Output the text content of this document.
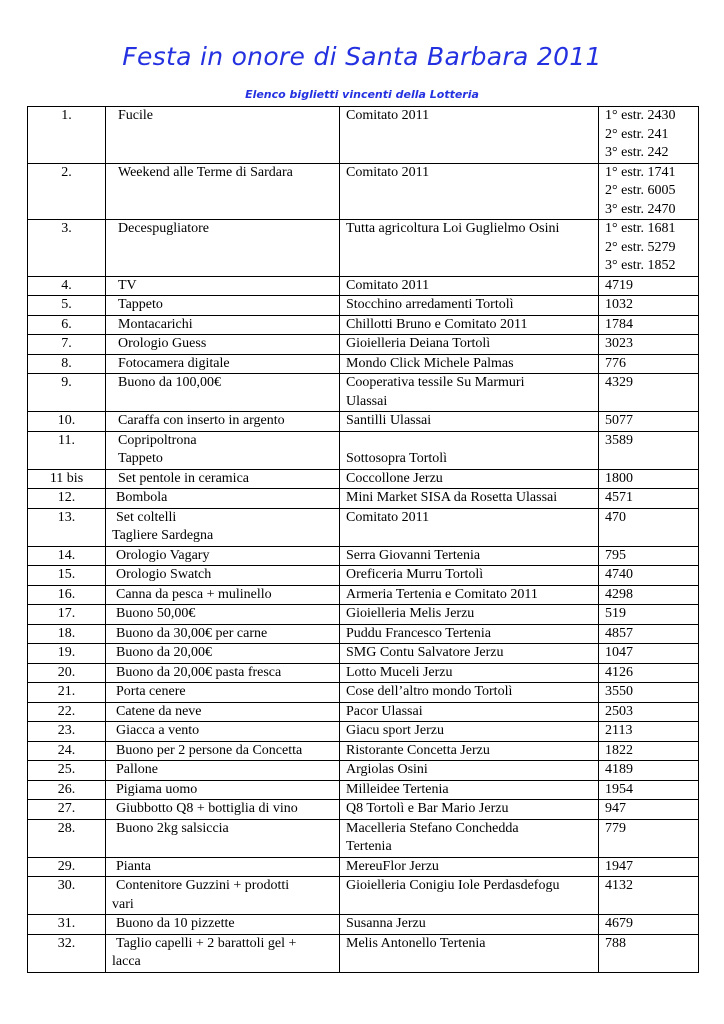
Festa in onore di Santa Barbara 2011
Elenco biglietti vincenti della Lotteria
1.	Fucile	Comitato 2011	1° estr. 2430
2° estr. 241
3° estr. 242

2.	Weekend alle Terme di Sardara	Comitato 2011	1° estr. 1741
2° estr. 6005
3° estr. 2470

3.	Decespugliatore	Tutta agricoltura Loi Guglielmo Osini	1° estr. 1681
2° estr. 5279
3° estr. 1852

4.	TV	Comitato 2011	4719

5.	Tappeto	Stocchino arredamenti Tortolì	1032

6.	Montacarichi	Chillotti Bruno e Comitato 2011	1784

7.	Orologio Guess	Gioielleria Deiana Tortolì	3023

8.	Fotocamera digitale	Mondo Click Michele Palmas	776

9.	Buono da 100,00€	Cooperativa tessile Su Marmuri
Ulassai	4329

10.	Caraffa con inserto in argento	Santilli Ulassai	5077

11.	Copripoltrona
Tappeto	Sottosopra Tortolì	3589

11 bis	Set pentole in ceramica	Coccollone Jerzu	1800

12.	Bombola	Mini Market SISA da Rosetta Ulassai	4571

13.	Set coltelli
Tagliere Sardegna	Comitato 2011	470

14.	Orologio Vagary	Serra Giovanni Tertenia	795

15.	Orologio Swatch	Oreficeria Murru Tortolì	4740

16.	Canna da pesca + mulinello	Armeria Tertenia e Comitato 2011	4298

17.	Buono 50,00€	Gioielleria Melis Jerzu	519

18.	Buono da 30,00€ per carne	Puddu Francesco Tertenia	4857

19.	Buono da 20,00€	SMG Contu Salvatore Jerzu	1047

20.	Buono da 20,00€ pasta fresca	Lotto Muceli Jerzu	4126

21.	Porta cenere	Cose dell’altro mondo Tortolì	3550

22.	Catene da neve	Pacor Ulassai	2503

23.	Giacca a vento	Giacu sport Jerzu	2113

24.	Buono per 2 persone da Concetta	Ristorante Concetta Jerzu	1822

25.	Pallone	Argiolas Osini	4189

26.	Pigiama uomo	Milleidee Tertenia	1954

27.	Giubbotto Q8 + bottiglia di vino	Q8 Tortolì e Bar Mario Jerzu	947

28.	Buono 2kg salsiccia	Macelleria Stefano Conchedda
Tertenia	779

29.	Pianta	MereuFlor Jerzu	1947

30.	Contenitore Guzzini + prodotti
vari	Gioielleria Conigiu Iole Perdasdefogu	4132

31.	Buono da 10 pizzette	Susanna Jerzu	4679

32.	Taglio capelli + 2 barattoli gel +
lacca	Melis Antonello Tertenia	788
